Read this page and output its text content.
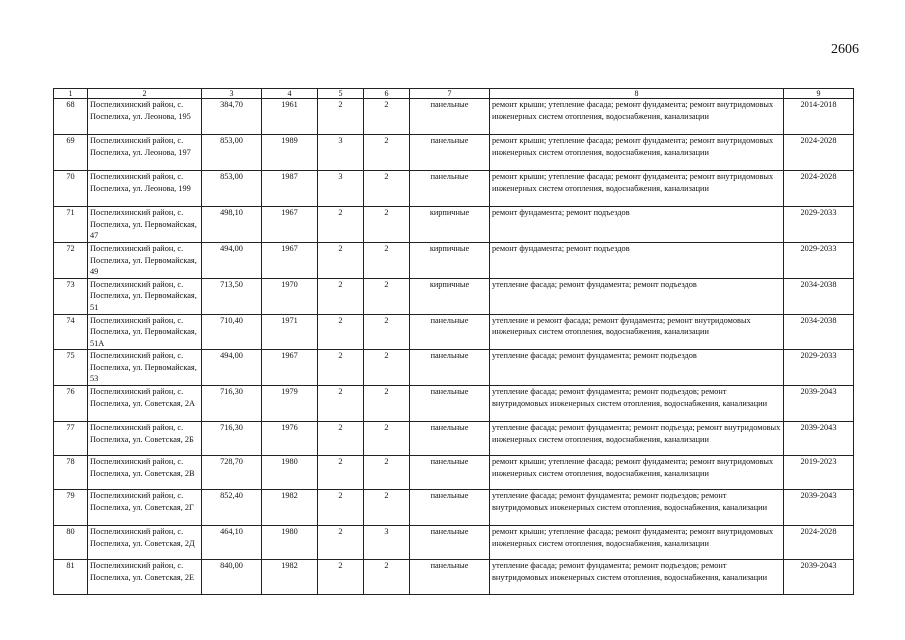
2606
1	2	3	4	5	6	7	8	9
68	Поспелихинский район, с. Поспелиха, ул. Леонова, 195	384,70	1961	2	2	панельные	ремонт крыши; утепление фасада; ремонт фундамента; ремонт внутридомовых инженерных систем отопления, водоснабжения, канализации	2014-2018
69	Поспелихинский район, с. Поспелиха, ул. Леонова, 197	853,00	1989	3	2	панельные	ремонт крыши; утепление фасада; ремонт фундамента; ремонт внутридомовых инженерных систем отопления, водоснабжения, канализации	2024-2028
70	Поспелихинский район, с. Поспелиха, ул. Леонова, 199	853,00	1987	3	2	панельные	ремонт крыши; утепление фасада; ремонт фундамента; ремонт внутридомовых инженерных систем отопления, водоснабжения, канализации	2024-2028
71	Поспелихинский район, с. Поспелиха, ул. Первомайская, 47	498,10	1967	2	2	кирпичные	ремонт фундамента; ремонт подъездов	2029-2033
72	Поспелихинский район, с. Поспелиха, ул. Первомайская, 49	494,00	1967	2	2	кирпичные	ремонт фундамента; ремонт подъездов	2029-2033
73	Поспелихинский район, с. Поспелиха, ул. Первомайская, 51	713,50	1970	2	2	кирпичные	утепление фасада; ремонт фундамента; ремонт подъездов	2034-2038
74	Поспелихинский район, с. Поспелиха, ул. Первомайская, 51А	710,40	1971	2	2	панельные	утепление и ремонт фасада; ремонт фундамента; ремонт внутридомовых инженерных систем отопления, водоснабжения, канализации	2034-2038
75	Поспелихинский район, с. Поспелиха, ул. Первомайская, 53	494,00	1967	2	2	панельные	утепление фасада; ремонт фундамента; ремонт подъездов	2029-2033
76	Поспелихинский район, с. Поспелиха, ул. Советская, 2А	716,30	1979	2	2	панельные	утепление фасада; ремонт фундамента; ремонт подъездов; ремонт внутридомовых инженерных систем отопления, водоснабжения, канализации	2039-2043
77	Поспелихинский район, с. Поспелиха, ул. Советская, 2Б	716,30	1976	2	2	панельные	утепление фасада; ремонт фундамента; ремонт подъезда; ремонт внутридомовых инженерных систем отопления, водоснабжения, канализации	2039-2043
78	Поспелихинский район, с. Поспелиха, ул. Советская, 2В	728,70	1980	2	2	панельные	ремонт крыши; утепление фасада; ремонт фундамента; ремонт внутридомовых инженерных систем отопления, водоснабжения, канализации	2019-2023
79	Поспелихинский район, с. Поспелиха, ул. Советская, 2Г	852,40	1982	2	2	панельные	утепление фасада; ремонт фундамента; ремонт подъездов; ремонт внутридомовых инженерных систем отопления, водоснабжения, канализации	2039-2043
80	Поспелихинский район, с. Поспелиха, ул. Советская, 2Д	464,10	1980	2	3	панельные	ремонт крыши; утепление фасада; ремонт фундамента; ремонт внутридомовых инженерных систем отопления, водоснабжения, канализации	2024-2028
81	Поспелихинский район, с. Поспелиха, ул. Советская, 2Е	840,00	1982	2	2	панельные	утепление фасада; ремонт фундамента; ремонт подъездов; ремонт внутридомовых инженерных систем отопления, водоснабжения, канализации	2039-2043
